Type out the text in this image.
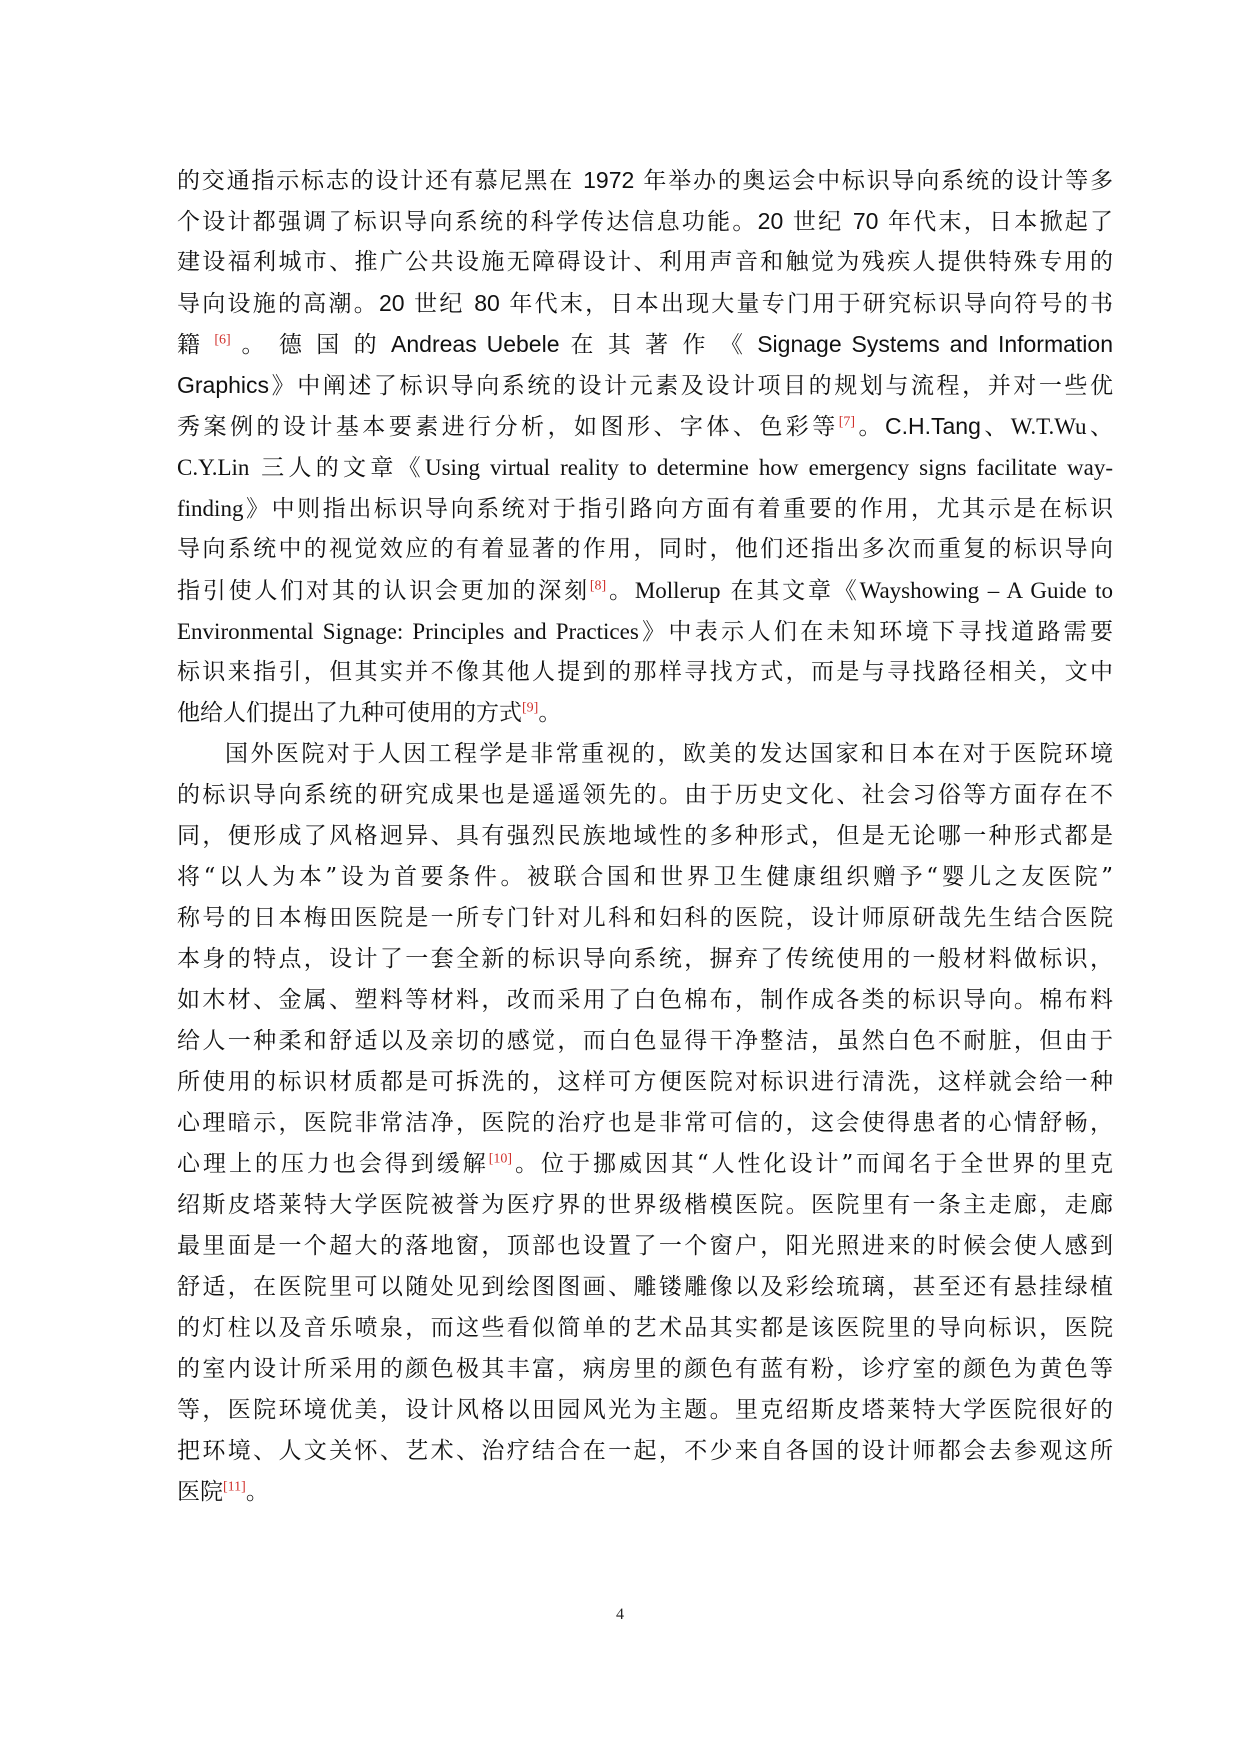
的交通指示标志的设计还有慕尼黑在 1972 年举办的奥运会中标识导向系统的设计等多
个设计都强调了标识导向系统的科学传达信息功能。20 世纪 70 年代末，日本掀起了
建设福利城市、推广公共设施无障碍设计、利用声音和触觉为残疾人提供特殊专用的
导向设施的高潮。20 世纪 80 年代末，日本出现大量专门用于研究标识导向符号的书
籍 [6] 。 德 国 的 Andreas Uebele 在 其 著 作 《 Signage Systems and Information
Graphics》中阐述了标识导向系统的设计元素及设计项目的规划与流程，并对一些优
秀案例的设计基本要素进行分析，如图形、字体、色彩等[7]。C.H.Tang、W.T.Wu、
C.Y.Lin 三人的文章《Using virtual reality to determine how emergency signs facilitate way-
finding》中则指出标识导向系统对于指引路向方面有着重要的作用，尤其示是在标识
导向系统中的视觉效应的有着显著的作用，同时，他们还指出多次而重复的标识导向
指引使人们对其的认识会更加的深刻[8]。Mollerup 在其文章《Wayshowing – A Guide to
Environmental Signage: Principles and Practices》中表示人们在未知环境下寻找道路需要
标识来指引，但其实并不像其他人提到的那样寻找方式，而是与寻找路径相关，文中
他给人们提出了九种可使用的方式[9]。
国外医院对于人因工程学是非常重视的，欧美的发达国家和日本在对于医院环境
的标识导向系统的研究成果也是遥遥领先的。由于历史文化、社会习俗等方面存在不
同，便形成了风格迥异、具有强烈民族地域性的多种形式，但是无论哪一种形式都是
将“以人为本”设为首要条件。被联合国和世界卫生健康组织赠予“婴儿之友医院”
称号的日本梅田医院是一所专门针对儿科和妇科的医院，设计师原研哉先生结合医院
本身的特点，设计了一套全新的标识导向系统，摒弃了传统使用的一般材料做标识，
如木材、金属、塑料等材料，改而采用了白色棉布，制作成各类的标识导向。棉布料
给人一种柔和舒适以及亲切的感觉，而白色显得干净整洁，虽然白色不耐脏，但由于
所使用的标识材质都是可拆洗的，这样可方便医院对标识进行清洗，这样就会给一种
心理暗示，医院非常洁净，医院的治疗也是非常可信的，这会使得患者的心情舒畅，
心理上的压力也会得到缓解[10]。位于挪威因其“人性化设计”而闻名于全世界的里克
绍斯皮塔莱特大学医院被誉为医疗界的世界级楷模医院。医院里有一条主走廊，走廊
最里面是一个超大的落地窗，顶部也设置了一个窗户，阳光照进来的时候会使人感到
舒适，在医院里可以随处见到绘图图画、雕镂雕像以及彩绘琉璃，甚至还有悬挂绿植
的灯柱以及音乐喷泉，而这些看似简单的艺术品其实都是该医院里的导向标识，医院
的室内设计所采用的颜色极其丰富，病房里的颜色有蓝有粉，诊疗室的颜色为黄色等
等，医院环境优美，设计风格以田园风光为主题。里克绍斯皮塔莱特大学医院很好的
把环境、人文关怀、艺术、治疗结合在一起，不少来自各国的设计师都会去参观这所
医院[11]。
4
